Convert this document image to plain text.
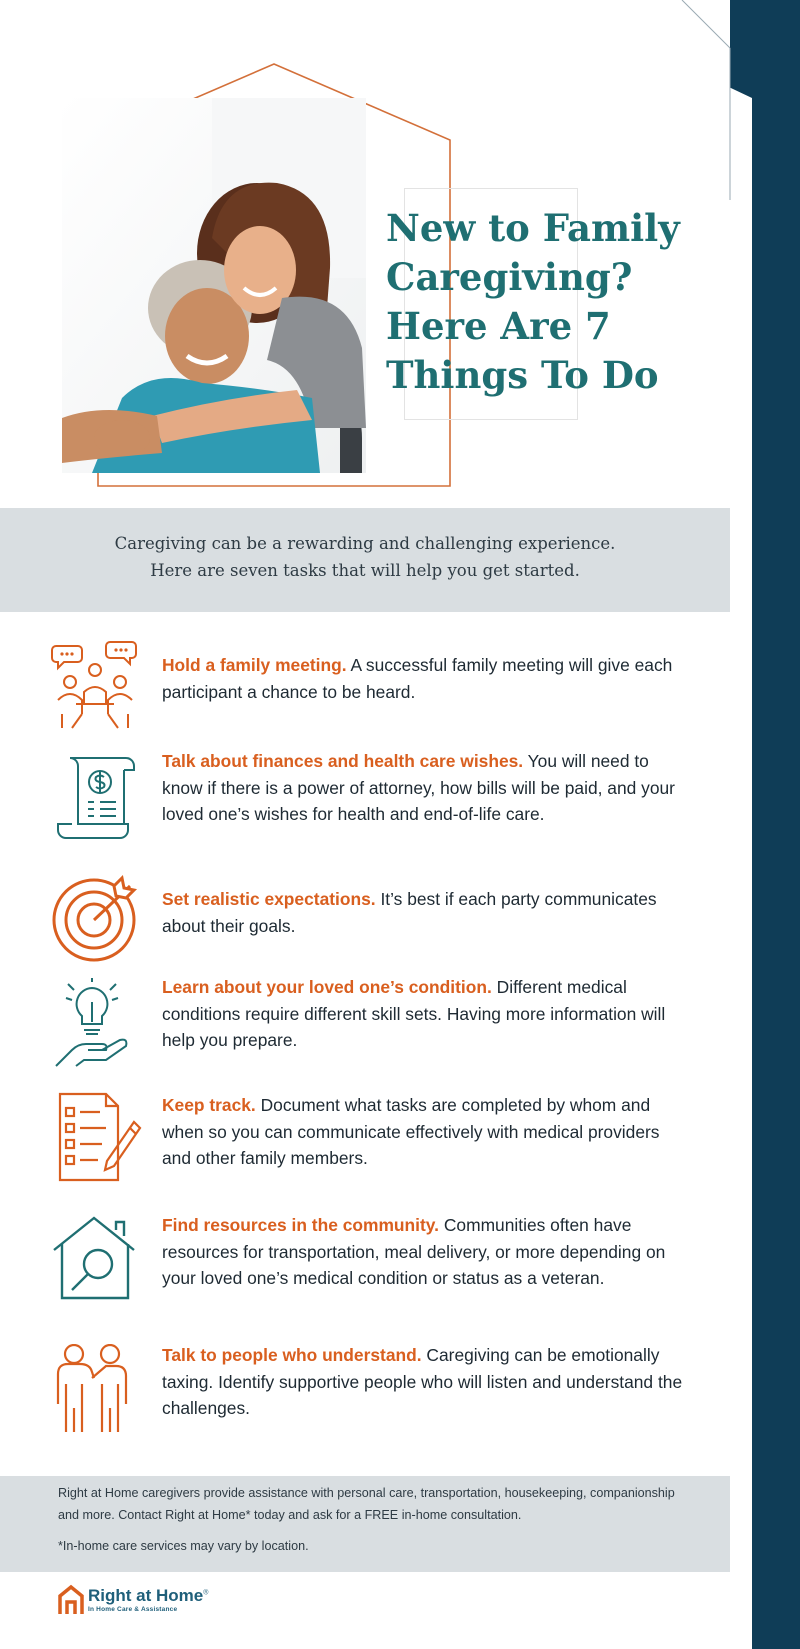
New to Family
Caregiving?
Here Are 7
Things To Do
Caregiving can be a rewarding and challenging experience.
Here are seven tasks that will help you get started.

Hold a family meeting. A successful family meeting will give each participant a chance to be heard.

Talk about finances and health care wishes. You will need to know if there is a power of attorney, how bills will be paid, and your loved one’s wishes for health and end-of-life care.

Set realistic expectations. It’s best if each party communicates about their goals.

Learn about your loved one’s condition. Different medical conditions require different skill sets. Having more information will help you prepare.

Keep track. Document what tasks are completed by whom and when so you can communicate effectively with medical providers and other family members.

Find resources in the community. Communities often have resources for transportation, meal delivery, or more depending on your loved one’s medical condition or status as a veteran.

Talk to people who understand. Caregiving can be emotionally taxing. Identify supportive people who will listen and understand the challenges.

Right at Home caregivers provide assistance with personal care, transportation, housekeeping, companionship and more. Contact Right at Home* today and ask for a FREE in-home consultation.

*In-home care services may vary by location.

Right at Home®
In Home Care & Assistance
